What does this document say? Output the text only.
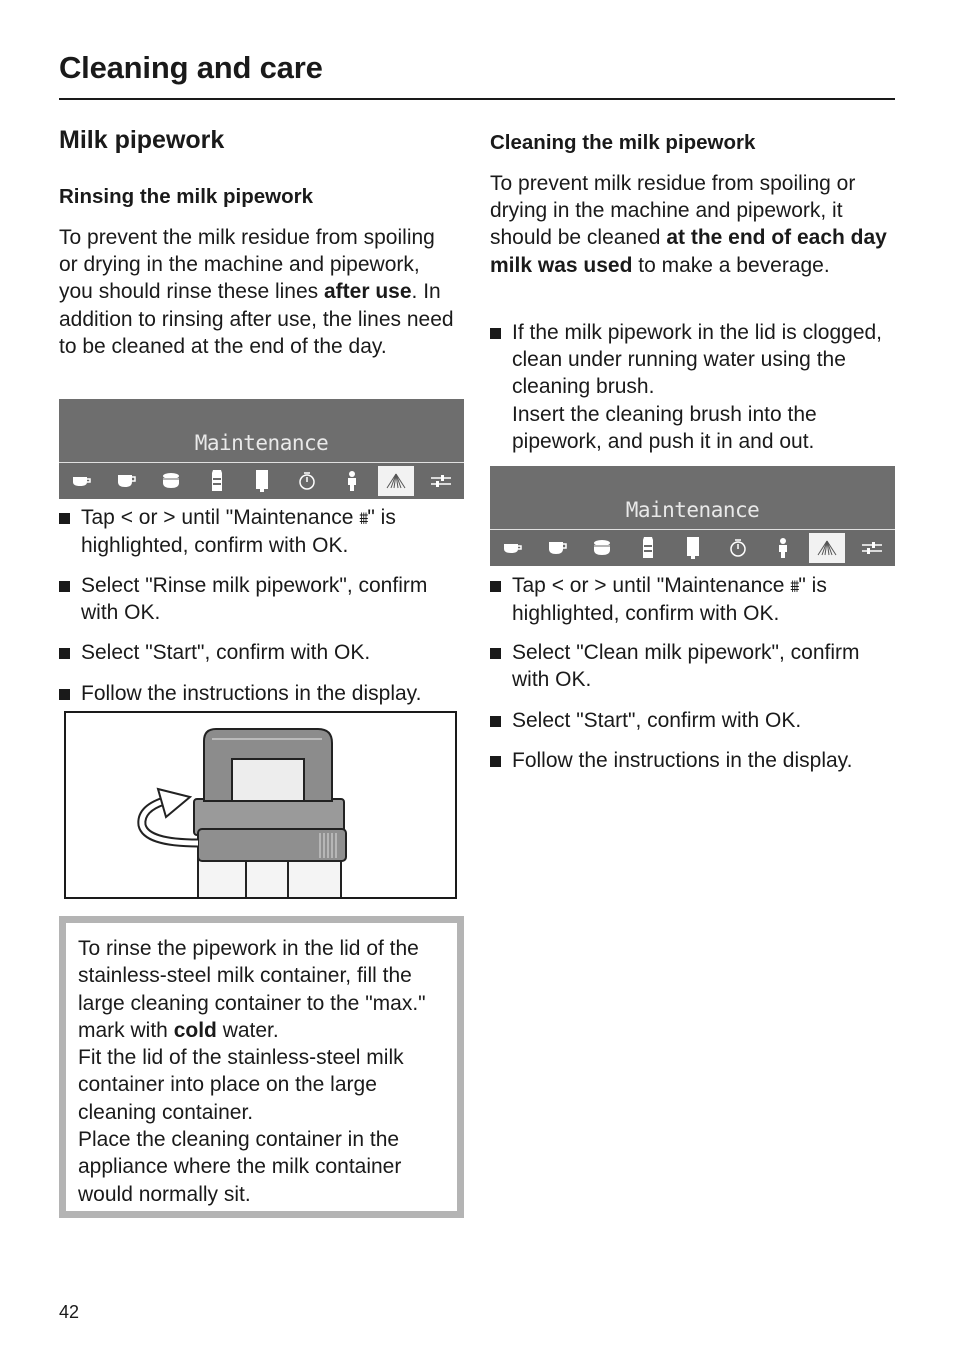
Cleaning and care
Milk pipework
Rinsing the milk pipework

To prevent the milk residue from spoiling or drying in the machine and pipework, you should rinse these lines after use. In addition to rinsing after use, the lines need to be cleaned at the end of the day.

Maintenance
Tap < or > until "Maintenance ⩩" is highlighted, confirm with OK.
Select "Rinse milk pipework", confirm with OK.
Select "Start", confirm with OK.
Follow the instructions in the display.
To rinse the pipework in the lid of the stainless-steel milk container, fill the large cleaning container to the "max." mark with cold water.
Fit the lid of the stainless-steel milk container into place on the large cleaning container.
Place the cleaning container in the appliance where the milk container would normally sit.
Cleaning the milk pipework

To prevent milk residue from spoiling or drying in the machine and pipework, it should be cleaned at the end of each day milk was used to make a beverage.

If the milk pipework in the lid is clogged, clean under running water using the cleaning brush.
Insert the cleaning brush into the pipework, and push it in and out.
Maintenance
Tap < or > until "Maintenance ⩩" is highlighted, confirm with OK.
Select "Clean milk pipework", confirm with OK.
Select "Start", confirm with OK.
Follow the instructions in the display.
42
